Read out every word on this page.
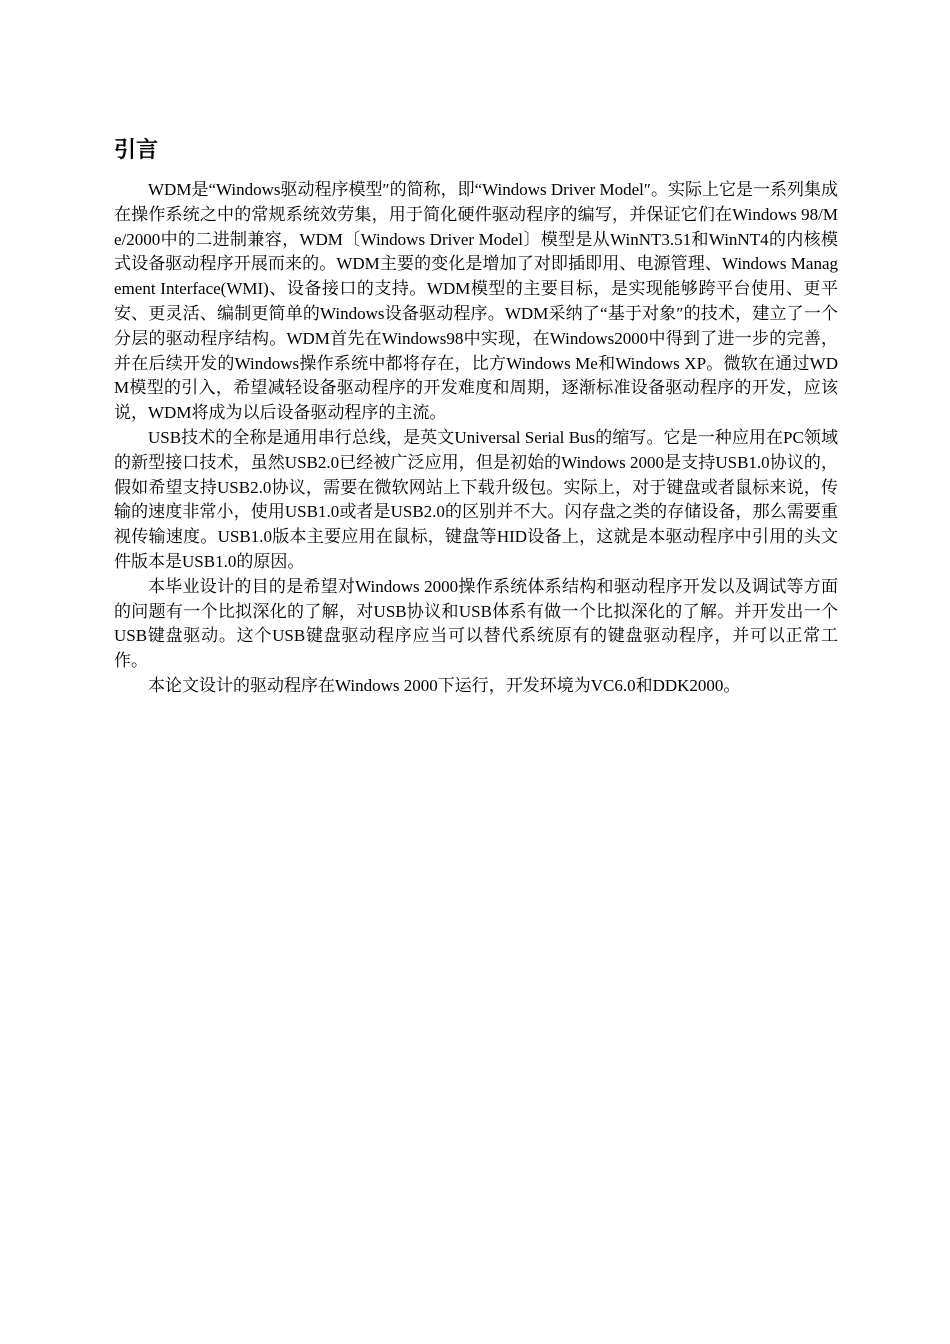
引言

WDM是“Windows驱动程序模型″的简称，即“Windows Driver Model″。实际上它是一系列集成在操作系统之中的常规系统效劳集，用于简化硬件驱动程序的编写，并保证它们在Windows 98/Me/2000中的二进制兼容，WDM〔Windows Driver Model〕模型是从WinNT3.51和WinNT4的内核模式设备驱动程序开展而来的。WDM主要的变化是增加了对即插即用、电源管理、Windows Management Interface(WMI)、设备接口的支持。WDM模型的主要目标，是实现能够跨平台使用、更平安、更灵活、编制更简单的Windows设备驱动程序。WDM采纳了“基于对象″的技术，建立了一个分层的驱动程序结构。WDM首先在Windows98中实现，在Windows2000中得到了进一步的完善，并在后续开发的Windows操作系统中都将存在，比方Windows Me和Windows XP。微软在通过WDM模型的引入，希望减轻设备驱动程序的开发难度和周期，逐渐标准设备驱动程序的开发，应该说，WDM将成为以后设备驱动程序的主流。

USB技术的全称是通用串行总线，是英文Universal Serial Bus的缩写。它是一种应用在PC领域的新型接口技术，虽然USB2.0已经被广泛应用，但是初始的Windows 2000是支持USB1.0协议的，假如希望支持USB2.0协议，需要在微软网站上下载升级包。实际上，对于键盘或者鼠标来说，传输的速度非常小，使用USB1.0或者是USB2.0的区别并不大。闪存盘之类的存储设备，那么需要重视传输速度。USB1.0版本主要应用在鼠标，键盘等HID设备上，这就是本驱动程序中引用的头文件版本是USB1.0的原因。

本毕业设计的目的是希望对Windows 2000操作系统体系结构和驱动程序开发以及调试等方面的问题有一个比拟深化的了解，对USB协议和USB体系有做一个比拟深化的了解。并开发出一个USB键盘驱动。这个USB键盘驱动程序应当可以替代系统原有的键盘驱动程序，并可以正常工作。

本论文设计的驱动程序在Windows 2000下运行，开发环境为VC6.0和DDK2000。
